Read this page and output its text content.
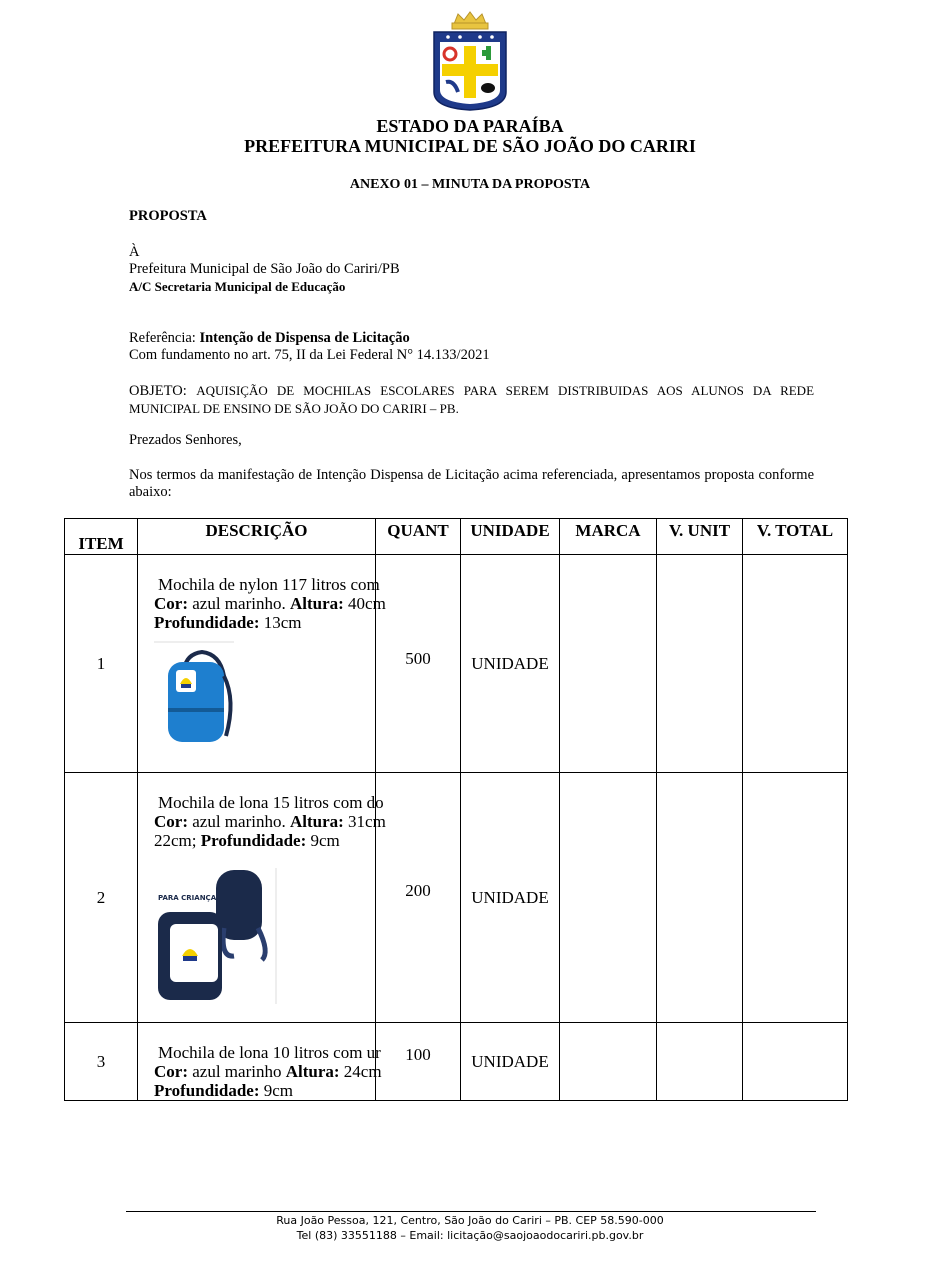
ESTADO DA PARAÍBA
PREFEITURA MUNICIPAL DE SÃO JOÃO DO CARIRI
ANEXO 01 – MINUTA DA PROPOSTA
PROPOSTA
À
Prefeitura Municipal de São João do Cariri/PB
A/C Secretaria Municipal de Educação
Referência: Intenção de Dispensa de Licitação
Com fundamento no art. 75, II da Lei Federal N° 14.133/2021
OBJETO: AQUISIÇÃO DE MOCHILAS ESCOLARES PARA SEREM DISTRIBUIDAS AOS ALUNOS DA REDE MUNICIPAL DE ENSINO DE SÃO JOÃO DO CARIRI – PB.
Prezados Senhores,
Nos termos da manifestação de Intenção Dispensa de Licitação acima referenciada, apresentamos proposta conforme abaixo:
ITEM	DESCRIÇÃO	QUANT	UNIDADE	MARCA	V. UNIT	V. TOTAL
1	Mochila de nylon 117 litros com
Cor: azul marinho. Altura: 40cm
Profundidade: 13cm	500	UNIDADE			
2	Mochila de lona 15 litros com do
Cor: azul marinho. Altura: 31cm
22cm; Profundidade: 9cm
PARA CRIANÇA	200	UNIDADE			
3	Mochila de lona 10 litros com ur
Cor: azul marinho Altura: 24cm
Profundidade: 9cm	100	UNIDADE			
Rua João Pessoa, 121, Centro, São João do Cariri – PB. CEP 58.590-000
Tel (83) 33551188 – Email: licitação@saojoaodocariri.pb.gov.br
